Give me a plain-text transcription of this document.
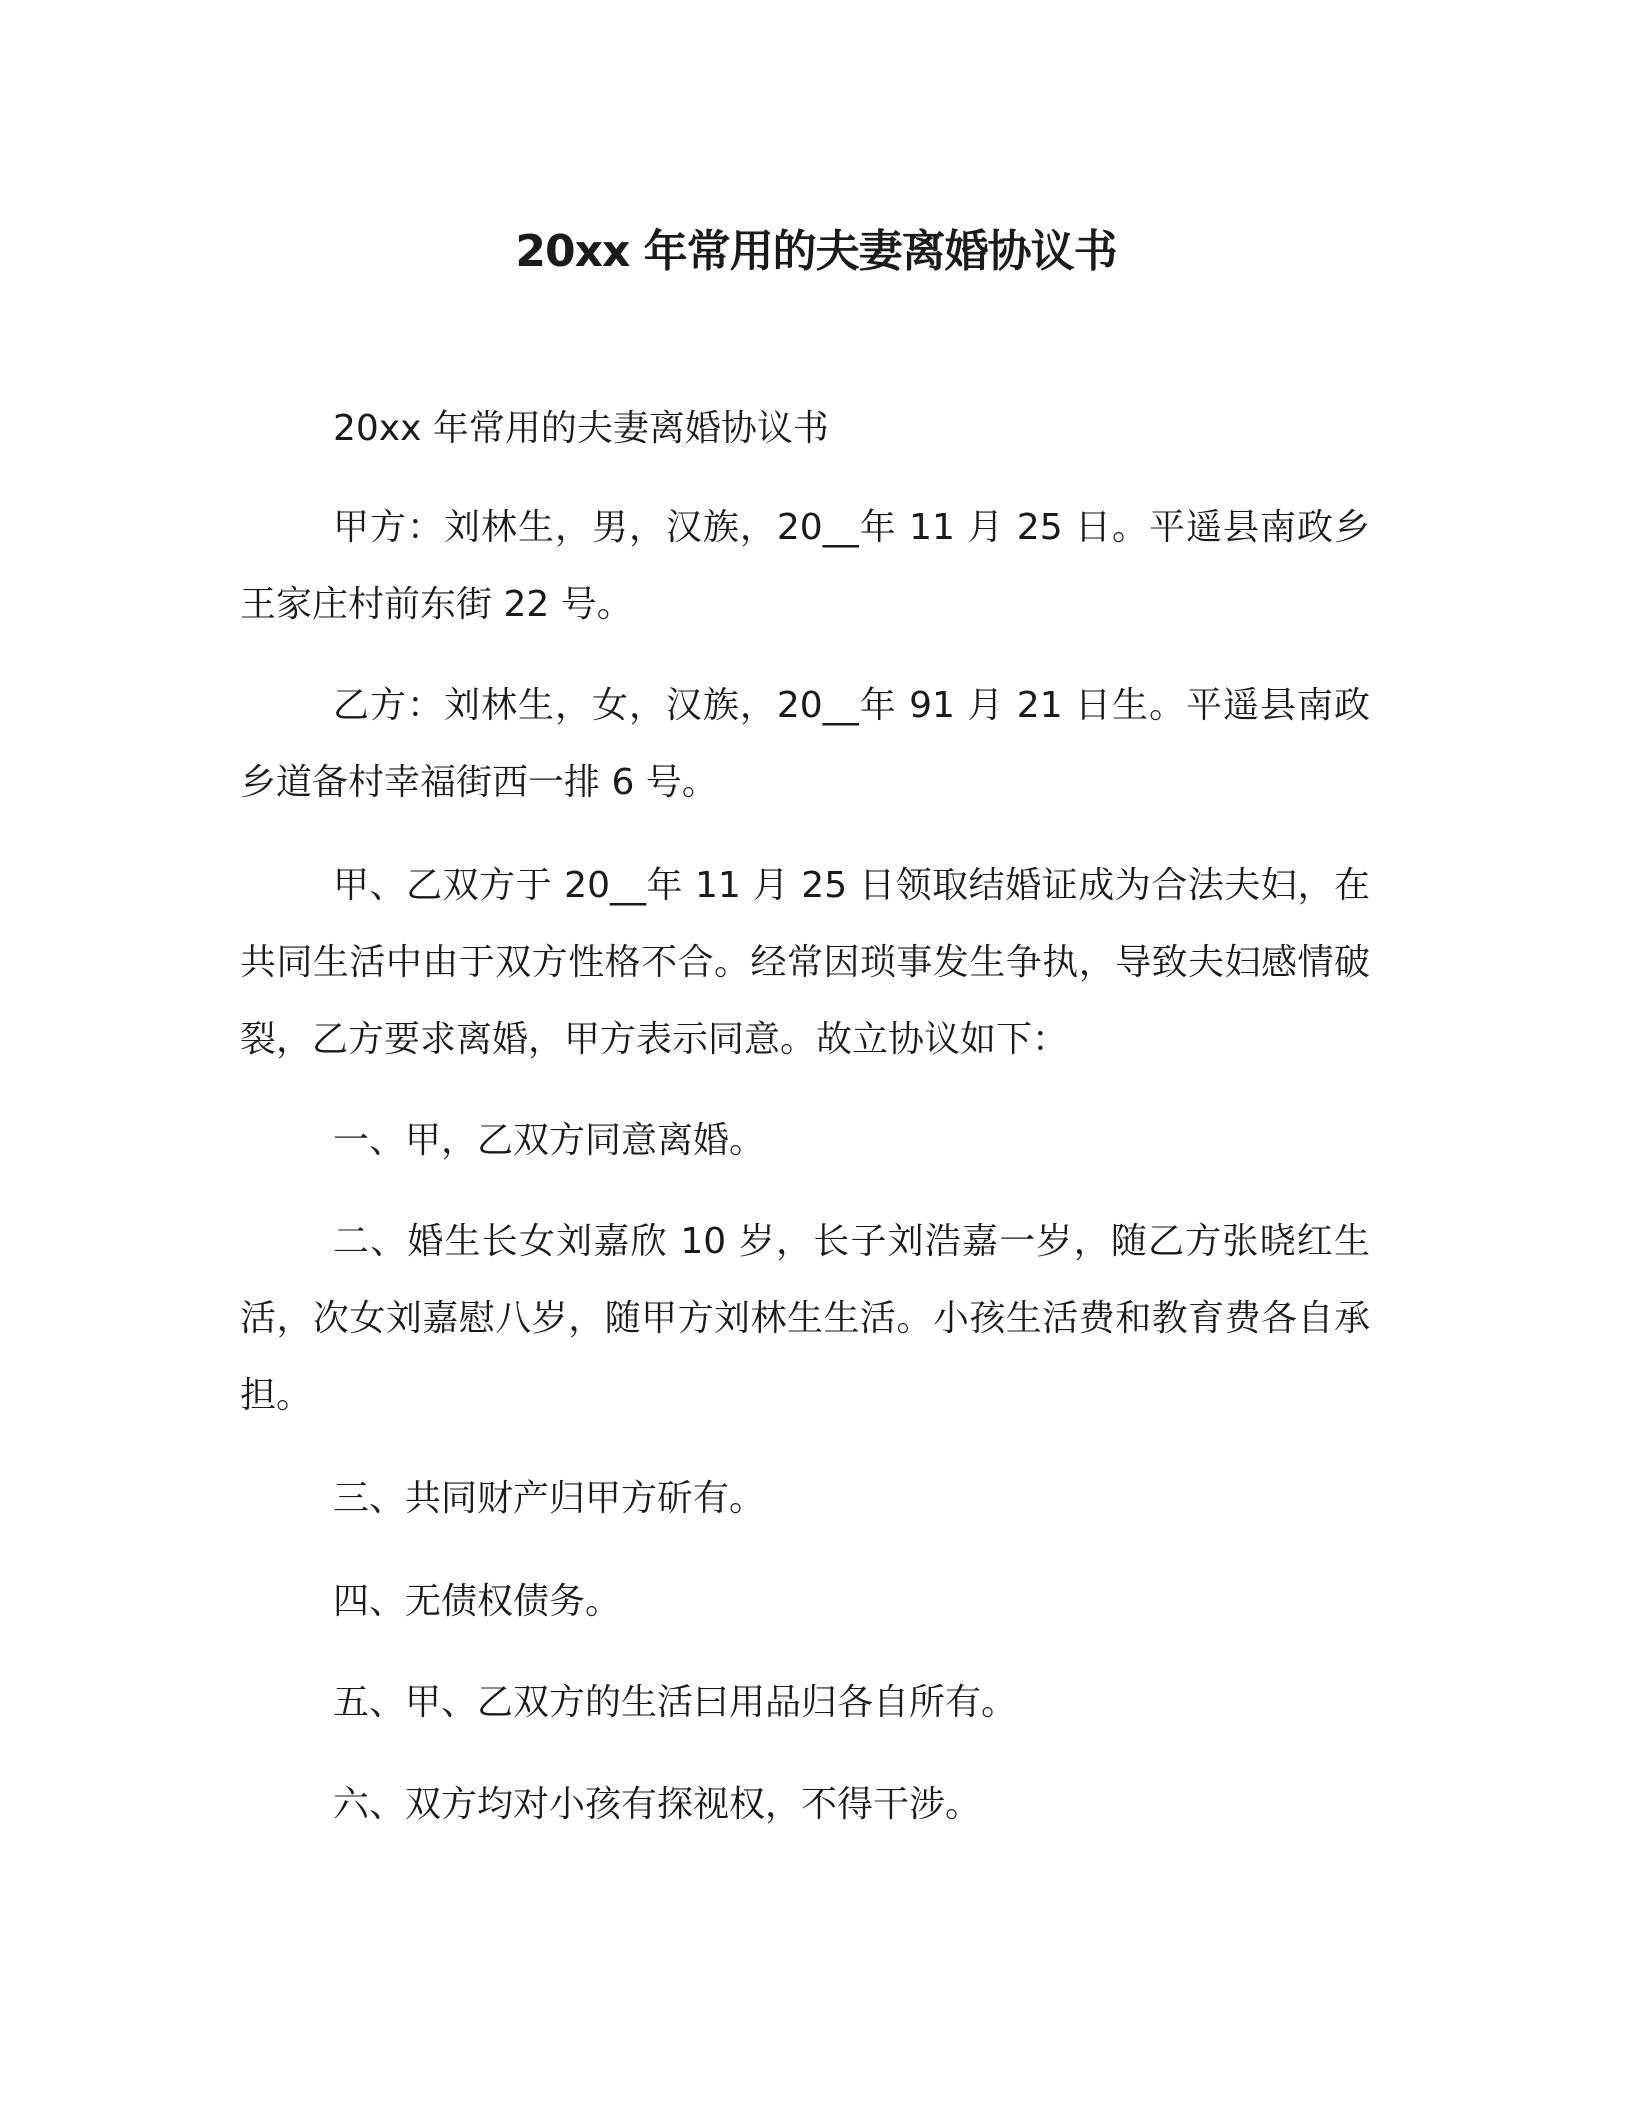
20xx 年常用的夫妻离婚协议书

20xx 年常用的夫妻离婚协议书

甲方：刘林生，男，汉族，20__年 11 月 25 日。平遥县南政乡王家庄村前东街 22 号。

乙方：刘林生，女，汉族，20__年 91 月 21 日生。平遥县南政乡道备村幸福街西一排 6 号。

甲、乙双方于 20__年 11 月 25 日领取结婚证成为合法夫妇，在共同生活中由于双方性格不合。经常因琐事发生争执，导致夫妇感情破裂，乙方要求离婚，甲方表示同意。故立协议如下：

一、甲，乙双方同意离婚。

二、婚生长女刘嘉欣 10 岁，长子刘浩嘉一岁，随乙方张晓红生活，次女刘嘉慰八岁，随甲方刘林生生活。小孩生活费和教育费各自承担。

三、共同财产归甲方斫有。

四、无债权债务。

五、甲、乙双方的生活曰用品归各自所有。

六、双方均对小孩有探视权，不得干涉。
